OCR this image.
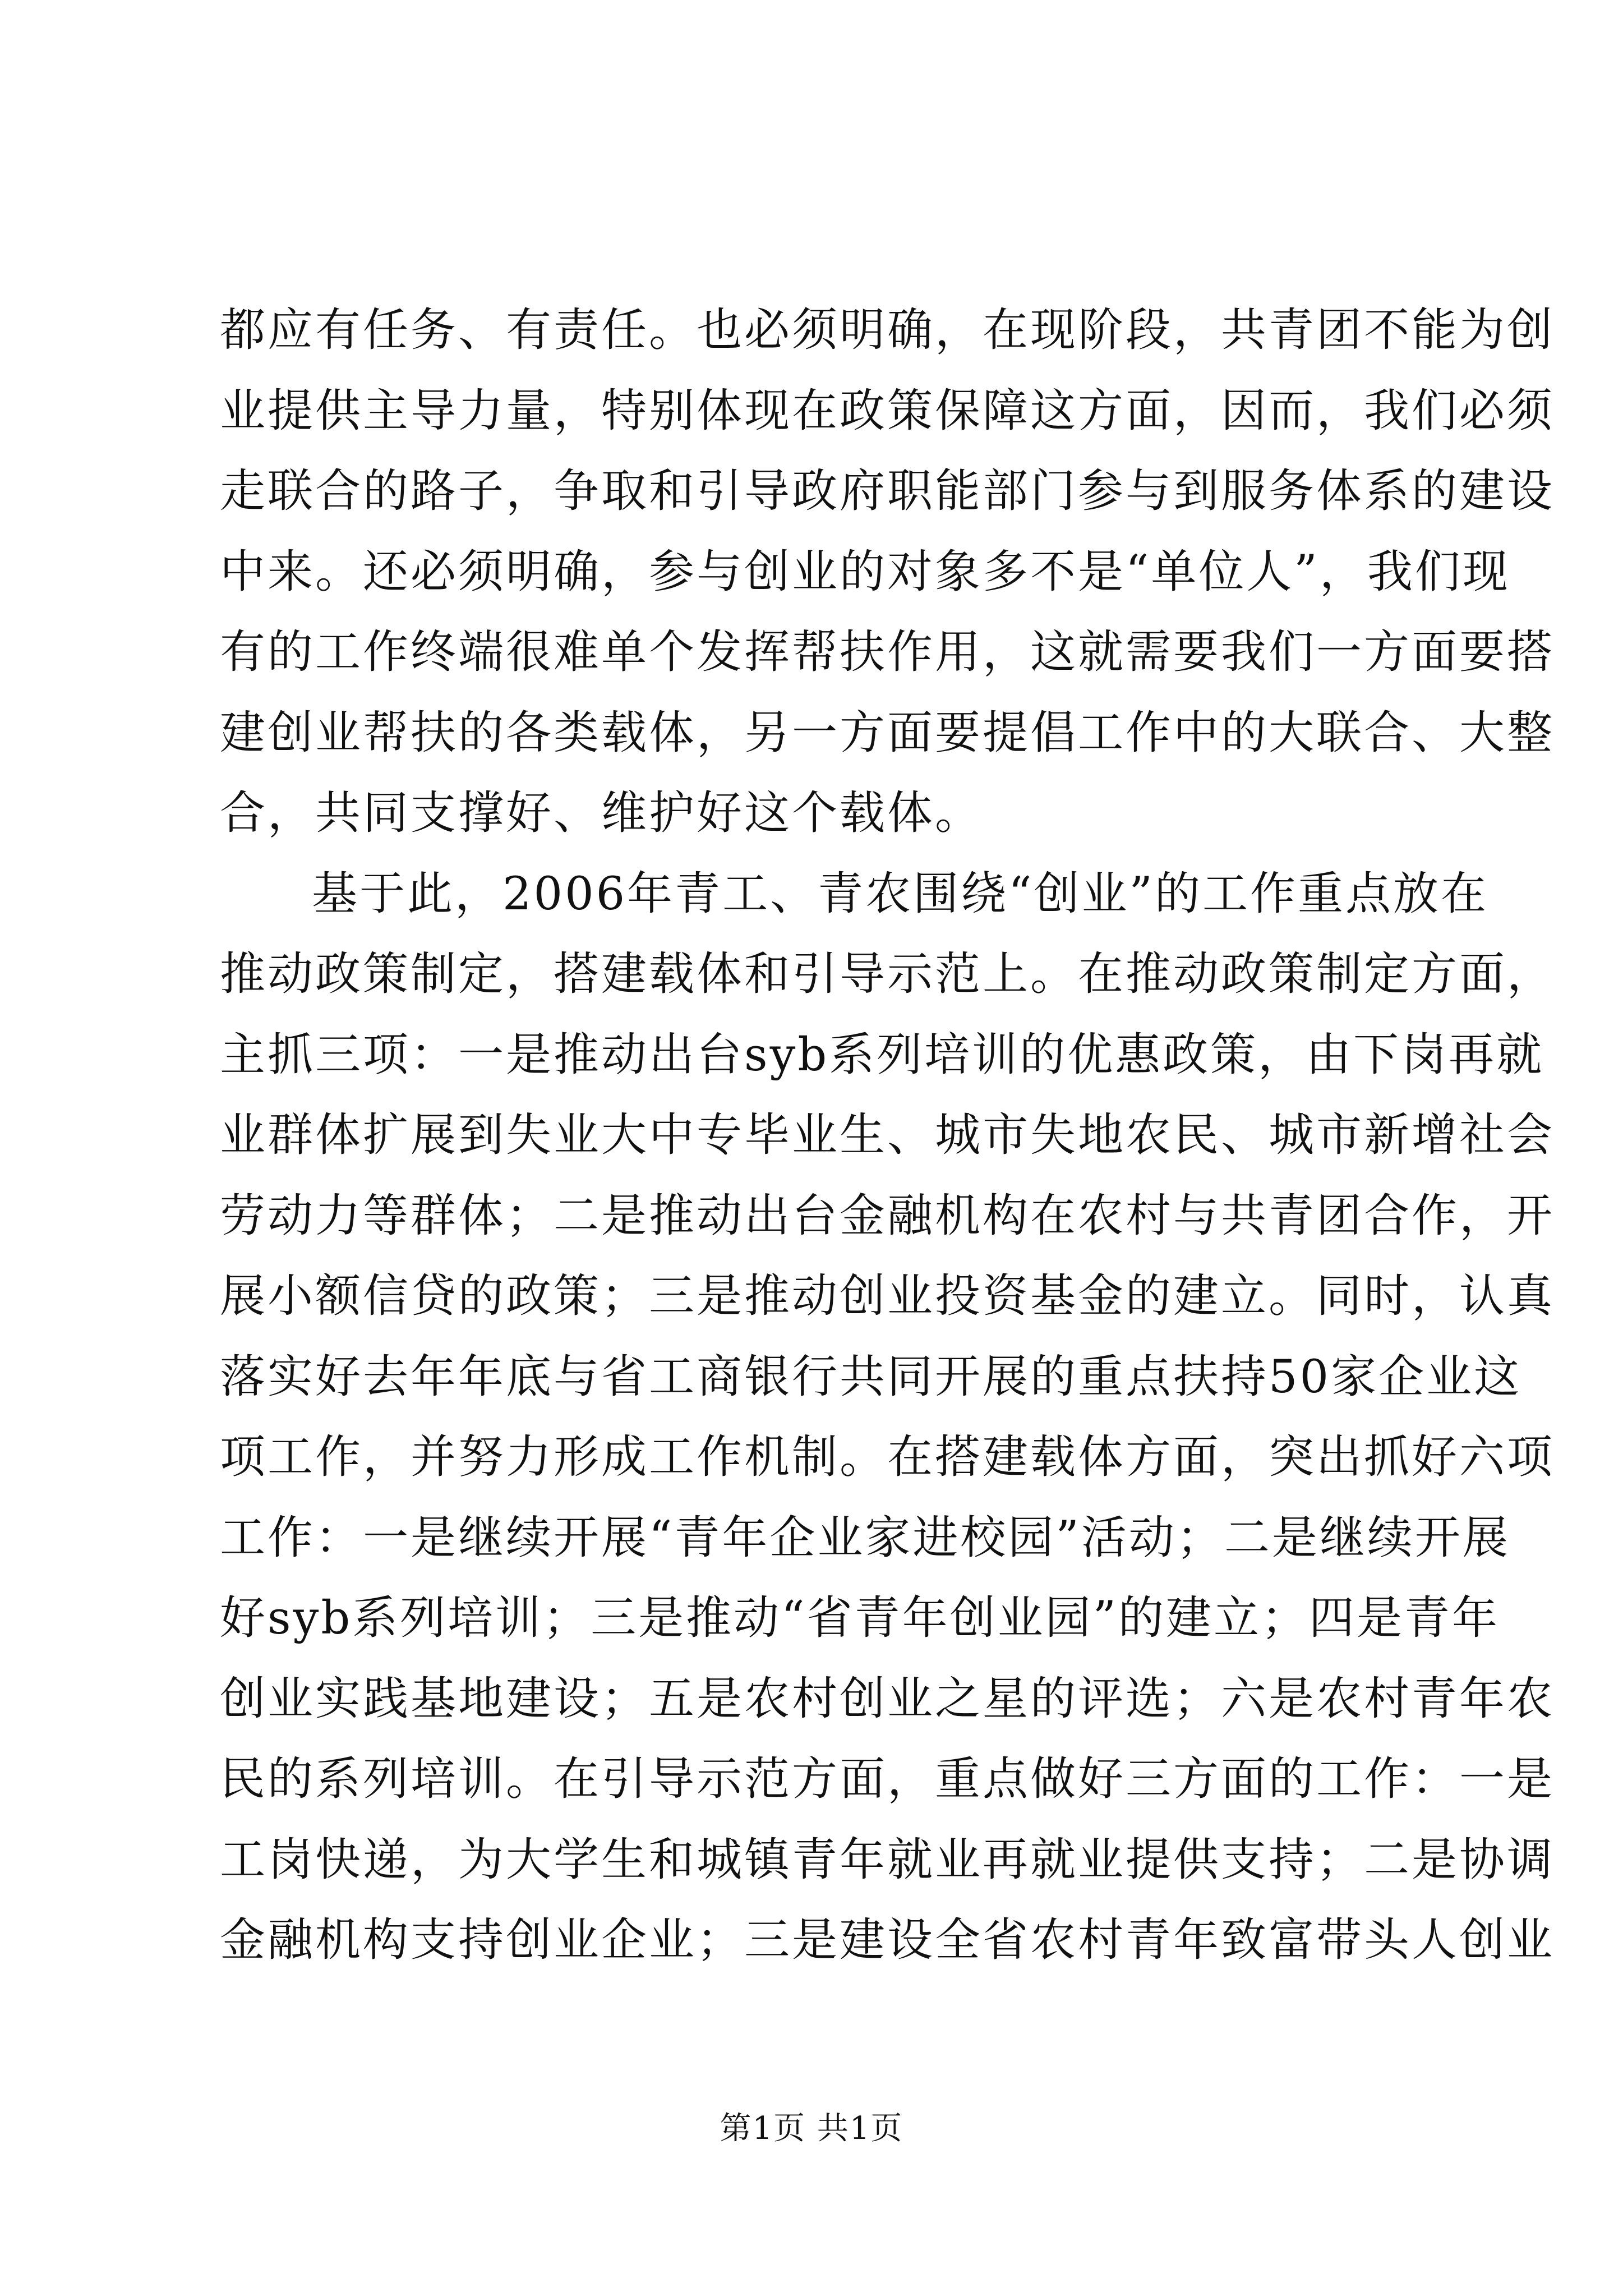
都应有任务、有责任。也必须明确，在现阶段，共青团不能为创
业提供主导力量，特别体现在政策保障这方面，因而，我们必须
走联合的路子，争取和引导政府职能部门参与到服务体系的建设
中来。还必须明确，参与创业的对象多不是“单位人”，我们现
有的工作终端很难单个发挥帮扶作用，这就需要我们一方面要搭
建创业帮扶的各类载体，另一方面要提倡工作中的大联合、大整
合，共同支撑好、维护好这个载体。
基于此，2006年青工、青农围绕“创业”的工作重点放在
推动政策制定，搭建载体和引导示范上。在推动政策制定方面，
主抓三项：一是推动出台syb系列培训的优惠政策，由下岗再就
业群体扩展到失业大中专毕业生、城市失地农民、城市新增社会
劳动力等群体；二是推动出台金融机构在农村与共青团合作，开
展小额信贷的政策；三是推动创业投资基金的建立。同时，认真
落实好去年年底与省工商银行共同开展的重点扶持50家企业这
项工作，并努力形成工作机制。在搭建载体方面，突出抓好六项
工作：一是继续开展“青年企业家进校园”活动；二是继续开展
好syb系列培训；三是推动“省青年创业园”的建立；四是青年
创业实践基地建设；五是农村创业之星的评选；六是农村青年农
民的系列培训。在引导示范方面，重点做好三方面的工作：一是
工岗快递，为大学生和城镇青年就业再就业提供支持；二是协调
金融机构支持创业企业；三是建设全省农村青年致富带头人创业
第1页 共1页
